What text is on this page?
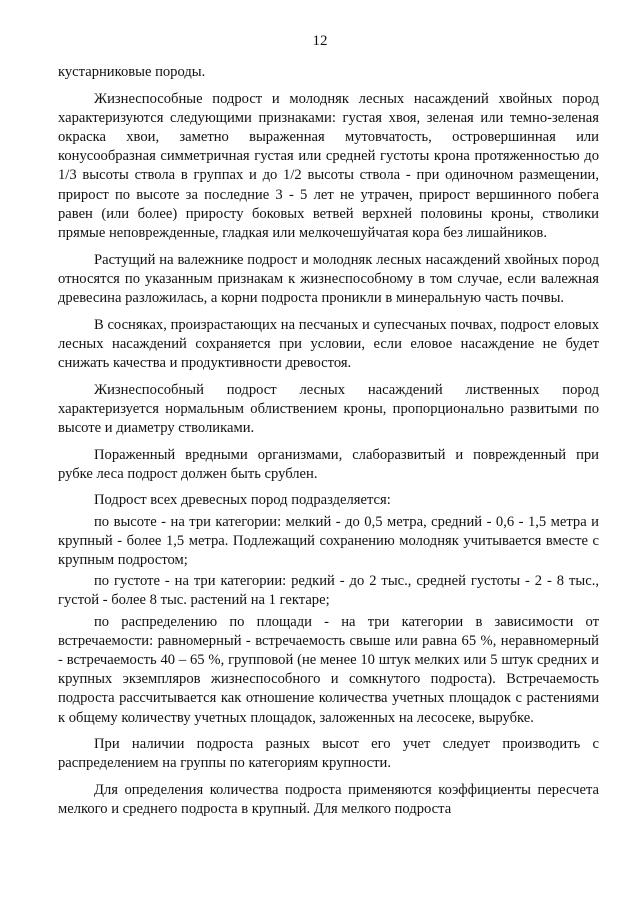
12

кустарниковые породы.

Жизнеспособные подрост и молодняк лесных насаждений хвойных пород характеризуются следующими признаками: густая хвоя, зеленая или темно-зеленая окраска хвои, заметно выраженная мутовчатость, островершинная или конусообразная симметричная густая или средней густоты крона протяженностью до 1/3 высоты ствола в группах и до 1/2 высоты ствола - при одиночном размещении, прирост по высоте за последние 3 - 5 лет не утрачен, прирост вершинного побега равен (или более) приросту боковых ветвей верхней половины кроны, стволики прямые неповрежденные, гладкая или мелкочешуйчатая кора без лишайников.

Растущий на валежнике подрост и молодняк лесных насаждений хвойных пород относятся по указанным признакам к жизнеспособному в том случае, если валежная древесина разложилась, а корни подроста проникли в минеральную часть почвы.

В сосняках, произрастающих на песчаных и супесчаных почвах, подрост еловых лесных насаждений сохраняется при условии, если еловое насаждение не будет снижать качества и продуктивности древостоя.

Жизнеспособный подрост лесных насаждений лиственных пород характеризуется нормальным облиствением кроны, пропорционально развитыми по высоте и диаметру стволиками.

Пораженный вредными организмами, слаборазвитый и поврежденный при рубке леса подрост должен быть срублен.

Подрост всех древесных пород подразделяется:

по высоте - на три категории: мелкий - до 0,5 метра, средний - 0,6 - 1,5 метра и крупный - более 1,5 метра. Подлежащий сохранению молодняк учитывается вместе с крупным подростом;

по густоте - на три категории: редкий - до 2 тыс., средней густоты - 2 - 8 тыс., густой - более 8 тыс. растений на 1 гектаре;

по распределению по площади - на три категории в зависимости от встречаемости: равномерный - встречаемость свыше или равна 65 %, неравномерный - встречаемость 40 – 65 %, групповой (не менее 10 штук мелких или 5 штук средних и крупных экземпляров жизнеспособного и сомкнутого подроста). Встречаемость подроста рассчитывается как отношение количества учетных площадок с растениями к общему количеству учетных площадок, заложенных на лесосеке, вырубке.

При наличии подроста разных высот его учет следует производить с распределением на группы по категориям крупности.

Для определения количества подроста применяются коэффициенты пересчета мелкого и среднего подроста в крупный. Для мелкого подроста
